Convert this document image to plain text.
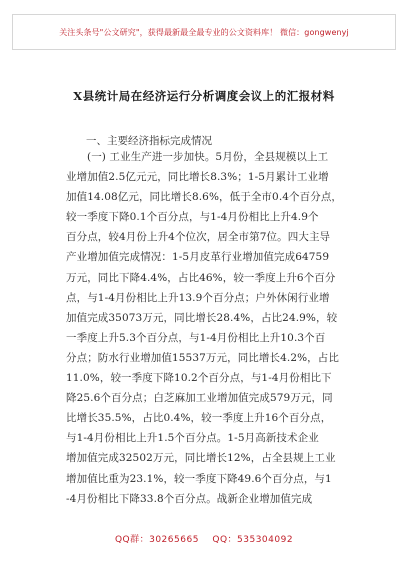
关注头条号"公文研究"，获得最新最全最专业的公文资料库！ 微信：gongwenyj
X县统计局在经济运行分析调度会议上的汇报材料
一、主要经济指标完成情况
(一) 工业生产进一步加快。5月份，全县规模以上工
业增加值2.5亿元元，同比增长8.3%；1-5月累计工业增
加值14.08亿元，同比增长8.6%，低于全市0.4个百分点，
较一季度下降0.1个百分点，与1-4月份相比上升4.9个
百分点，较4月份上升4个位次，居全市第7位。四大主导
产业增加值完成情况：1-5月皮革行业增加值完成64759
万元，同比下降4.4%，占比46%，较一季度上升6个百分
点，与1-4月份相比上升13.9个百分点；户外休闲行业增
加值完成35073万元，同比增长28.4%，占比24.9%，较
一季度上升5.3个百分点，与1-4月份相比上升10.3个百
分点；防水行业增加值15537万元，同比增长4.2%，占比
11.0%，较一季度下降10.2个百分点，与1-4月份相比下
降25.6个百分点；白芝麻加工业增加值完成579万元，同
比增长35.5%，占比0.4%，较一季度上升16个百分点，
与1-4月份相比上升1.5个百分点。1-5月高新技术企业
增加值完成32502万元，同比增长12%，占全县规上工业
增加值比重为23.1%，较一季度下降49.6个百分点，与1
-4月份相比下降33.8个百分点。战新企业增加值完成
QQ群：30265665    QQ：535304092
